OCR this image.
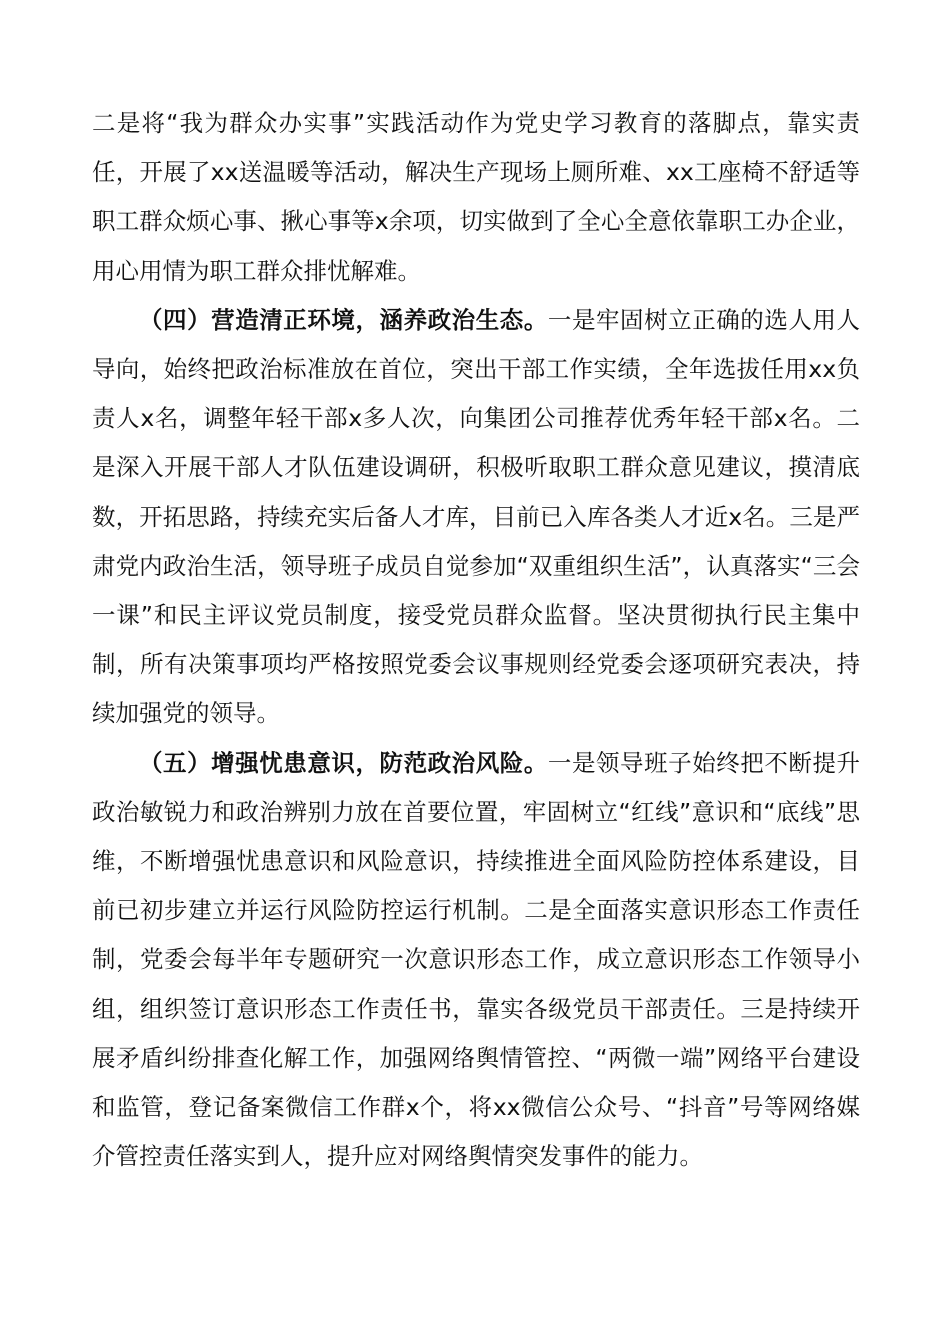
二是将“我为群众办实事”实践活动作为党史学习教育的落脚点，靠实责任，开展了xx送温暖等活动，解决生产现场上厕所难、xx工座椅不舒适等职工群众烦心事、揪心事等x余项，切实做到了全心全意依靠职工办企业，用心用情为职工群众排忧解难。

（四）营造清正环境，涵养政治生态。一是牢固树立正确的选人用人导向，始终把政治标准放在首位，突出干部工作实绩，全年选拔任用xx负责人x名，调整年轻干部x多人次，向集团公司推荐优秀年轻干部x名。二是深入开展干部人才队伍建设调研，积极听取职工群众意见建议，摸清底数，开拓思路，持续充实后备人才库，目前已入库各类人才近x名。三是严肃党内政治生活，领导班子成员自觉参加“双重组织生活”，认真落实“三会一课”和民主评议党员制度，接受党员群众监督。坚决贯彻执行民主集中制，所有决策事项均严格按照党委会议事规则经党委会逐项研究表决，持续加强党的领导。

（五）增强忧患意识，防范政治风险。一是领导班子始终把不断提升政治敏锐力和政治辨别力放在首要位置，牢固树立“红线”意识和“底线”思维，不断增强忧患意识和风险意识，持续推进全面风险防控体系建设，目前已初步建立并运行风险防控运行机制。二是全面落实意识形态工作责任制，党委会每半年专题研究一次意识形态工作，成立意识形态工作领导小组，组织签订意识形态工作责任书，靠实各级党员干部责任。三是持续开展矛盾纠纷排查化解工作，加强网络舆情管控、“两微一端”网络平台建设和监管，登记备案微信工作群x个，将xx微信公众号、“抖音”号等网络媒介管控责任落实到人，提升应对网络舆情突发事件的能力。
